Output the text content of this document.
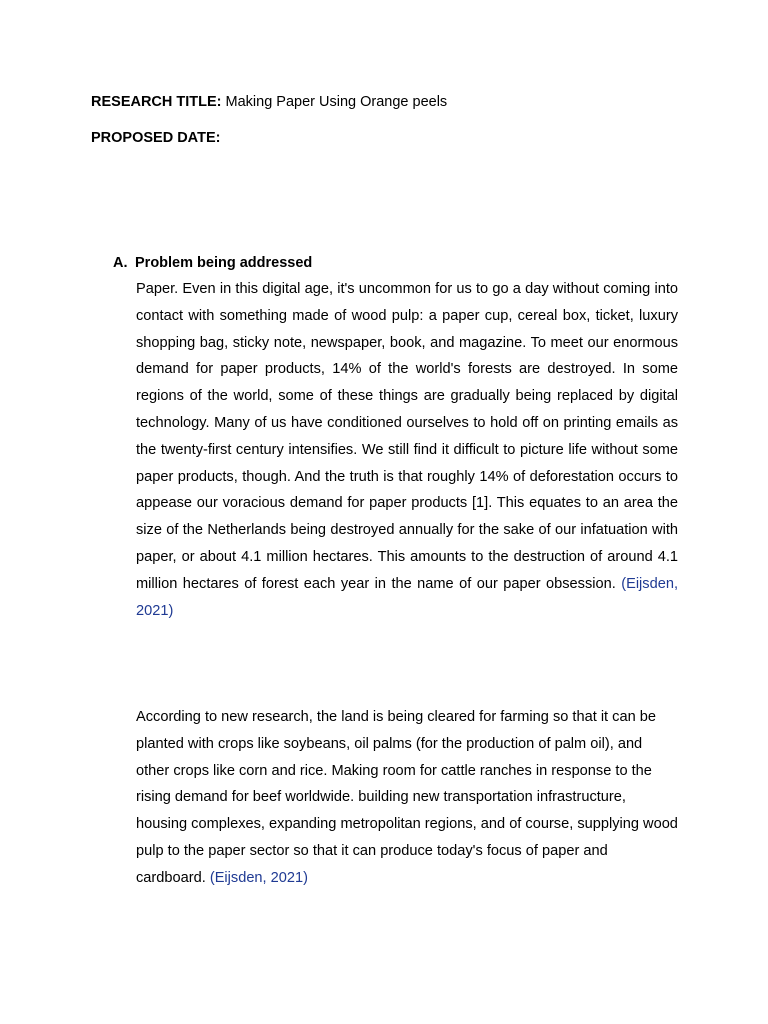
RESEARCH TITLE: Making Paper Using Orange peels
PROPOSED DATE:
A. Problem being addressed

Paper. Even in this digital age, it's uncommon for us to go a day without coming into contact with something made of wood pulp: a paper cup, cereal box, ticket, luxury shopping bag, sticky note, newspaper, book, and magazine. To meet our enormous demand for paper products, 14% of the world's forests are destroyed. In some regions of the world, some of these things are gradually being replaced by digital technology. Many of us have conditioned ourselves to hold off on printing emails as the twenty-first century intensifies. We still find it difficult to picture life without some paper products, though. And the truth is that roughly 14% of deforestation occurs to appease our voracious demand for paper products [1]. This equates to an area the size of the Netherlands being destroyed annually for the sake of our infatuation with paper, or about 4.1 million hectares. This amounts to the destruction of around 4.1 million hectares of forest each year in the name of our paper obsession. (Eijsden, 2021)

According to new research, the land is being cleared for farming so that it can be planted with crops like soybeans, oil palms (for the production of palm oil), and other crops like corn and rice. Making room for cattle ranches in response to the rising demand for beef worldwide. building new transportation infrastructure, housing complexes, expanding metropolitan regions, and of course, supplying wood pulp to the paper sector so that it can produce today's focus of paper and cardboard. (Eijsden, 2021)
